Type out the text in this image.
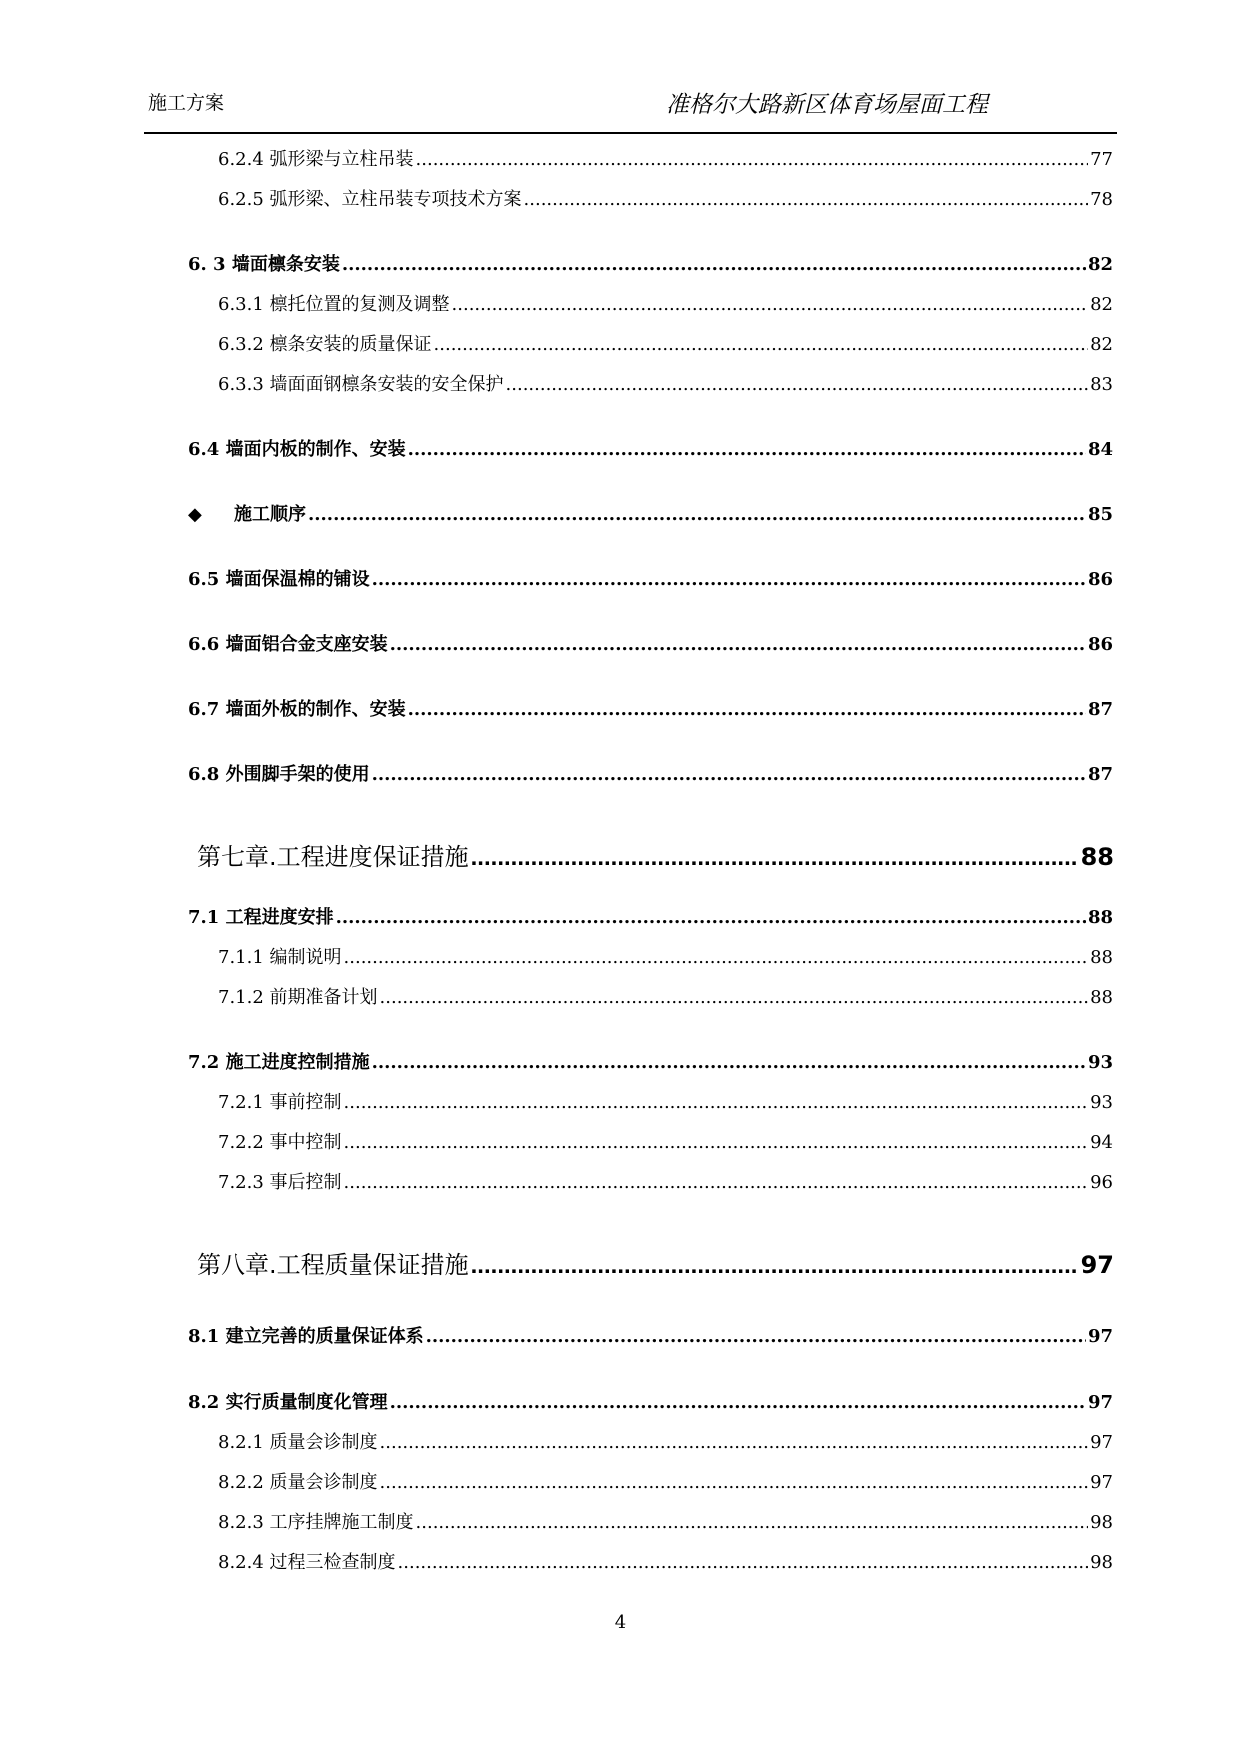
施工方案	准格尔大路新区体育场屋面工程
6.2.4 弧形梁与立柱吊装 .....	77
6.2.5 弧形梁、立柱吊装专项技术方案 .....	78
6. 3 墙面檩条安装 .....	82
6.3.1 檩托位置的复测及调整 .....	82
6.3.2 檩条安装的质量保证 .....	82
6.3.3 墙面面钢檩条安装的安全保护 .....	83
6.4 墙面内板的制作、安装 .....	84
◆ 施工顺序 .....	85
6.5 墙面保温棉的铺设 .....	86
6.6 墙面铝合金支座安装 .....	86
6.7 墙面外板的制作、安装 .....	87
6.8 外围脚手架的使用 .....	87
第七章.工程进度保证措施 .....	88
7.1 工程进度安排 .....	88
7.1.1 编制说明 .....	88
7.1.2 前期准备计划 .....	88
7.2 施工进度控制措施 .....	93
7.2.1 事前控制 .....	93
7.2.2 事中控制 .....	94
7.2.3 事后控制 .....	96
第八章.工程质量保证措施 .....	97
8.1 建立完善的质量保证体系 .....	97
8.2 实行质量制度化管理 .....	97
8.2.1 质量会诊制度 .....	97
8.2.2 质量会诊制度 .....	97
8.2.3 工序挂牌施工制度 .....	98
8.2.4 过程三检查制度 .....	98
4
